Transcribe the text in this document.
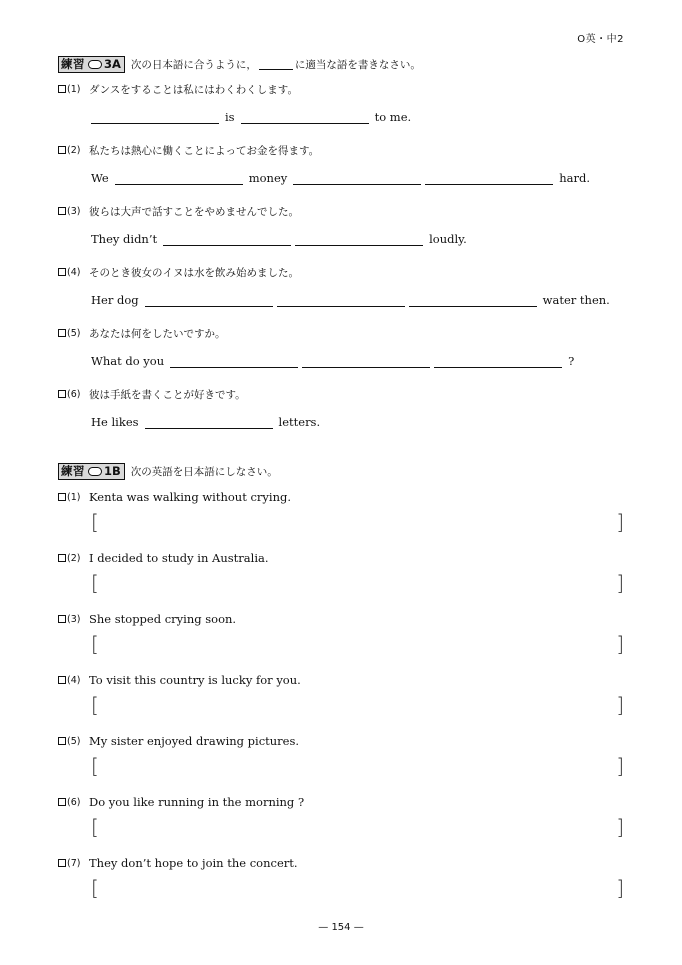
O英・中2
練習 3A 次の日本語に合うように，	に適当な語を書きなさい。
(1) ダンスをすることは私にはわくわくします。
is	to me.
(2) 私たちは熱心に働くことによってお金を得ます。
We	money	hard.
(3) 彼らは大声で話すことをやめませんでした。
They didn’t	loudly.
(4) そのとき彼女のイヌは水を飲み始めました。
Her dog	water then.
(5) あなたは何をしたいですか。
What do you	?
(6) 彼は手紙を書くことが好きです。
He likes	letters.
練習 1B 次の英語を日本語にしなさい。
(1) Kenta was walking without crying.
[	]
(2) I decided to study in Australia.
[	]
(3) She stopped crying soon.
[	]
(4) To visit this country is lucky for you.
[	]
(5) My sister enjoyed drawing pictures.
[	]
(6) Do you like running in the morning ?
[	]
(7) They don’t hope to join the concert.
[	]
— 154 —
